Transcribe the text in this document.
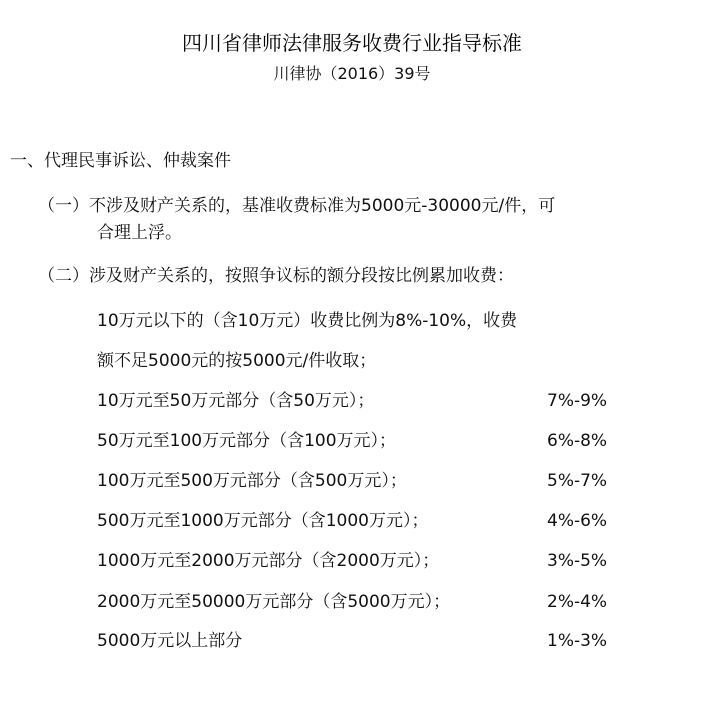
四川省律师法律服务收费行业指导标准
川律协（2016）39号
一、代理民事诉讼、仲裁案件
（一）不涉及财产关系的，基准收费标准为5000元-30000元/件，可
合理上浮。
（二）涉及财产关系的，按照争议标的额分段按比例累加收费：
10万元以下的（含10万元）收费比例为8%-10%，收费
额不足5000元的按5000元/件收取；
10万元至50万元部分（含50万元）；	7%-9%
50万元至100万元部分（含100万元）；	6%-8%
100万元至500万元部分（含500万元）；	5%-7%
500万元至1000万元部分（含1000万元）；	4%-6%
1000万元至2000万元部分（含2000万元）；	3%-5%
2000万元至50000万元部分（含5000万元）；	2%-4%
5000万元以上部分	1%-3%
